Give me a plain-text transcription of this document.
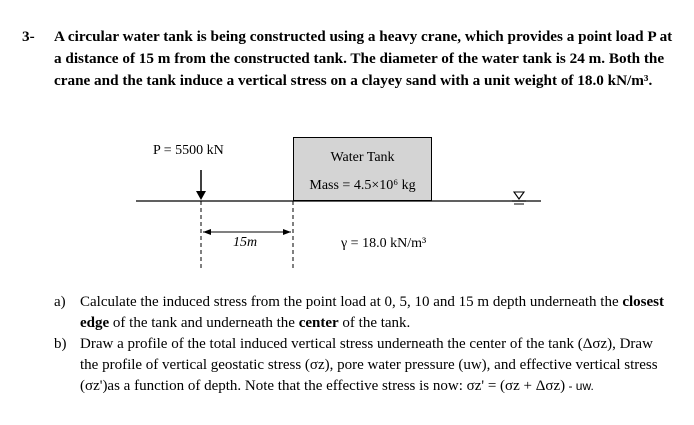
3- A circular water tank is being constructed using a heavy crane, which provides a point load P at a distance of 15 m from the constructed tank. The diameter of the water tank is 24 m. Both the crane and the tank induce a vertical stress on a clayey sand with a unit weight of 18.0 kN/m³.
P = 5500 kN	Water Tank
Mass = 4.5×10⁶ kg
15m	γ = 18.0 kN/m³
a) Calculate the induced stress from the point load at 0, 5, 10 and 15 m depth underneath the closest edge of the tank and underneath the center of the tank.
b) Draw a profile of the total induced vertical stress underneath the center of the tank (Δσz), Draw the profile of vertical geostatic stress (σz), pore water pressure (uw), and effective vertical stress (σz')as a function of depth. Note that the effective stress is now: σz' = (σz + Δσz) - uw.
